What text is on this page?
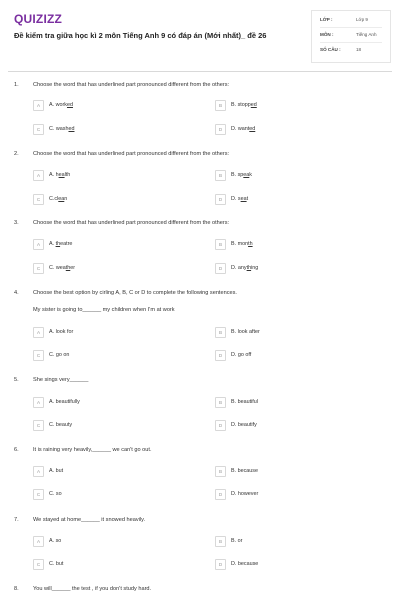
QUIZIZZ
Đề kiểm tra giữa học kì 2 môn Tiếng Anh 9 có đáp án (Mới nhất)_ đề 26
LỚP :	Lớp 9
MÔN :	Tiếng Anh
SỐ CÂU :	18
1.	Choose the word that has underlined part pronounced different from the others:
A	A. worked	B	B. stopped
C	C. washed	D	D. wanted
2.	Choose the word that has underlined part pronounced different from the others:
A	A. health	B	B. speak
C	C.clean	D	D. seat
3.	Choose the word that has underlined part pronounced different from the others:
A	A. theatre	B	B. month
C	C. weather	D	D. anything
4.	Choose the best option by cirling A, B, C or D to complete the following sentences.
My sister is going to______ my children when I'm at work
A	A. look for	B	B. look after
C	C. go on	D	D. go off
5.	She sings very______
A	A. beautifully	B	B. beautiful
C	C. beauty	D	D. beautify
6.	It is raining very heavily,______ we can't go out.
A	A. but	B	B. because
C	C. so	D	D. however
7.	We stayed at home______ it snowed heavily.
A	A. so	B	B. or
C	C. but	D	D. because
8.	You will______ the test , if you don't study hard.
